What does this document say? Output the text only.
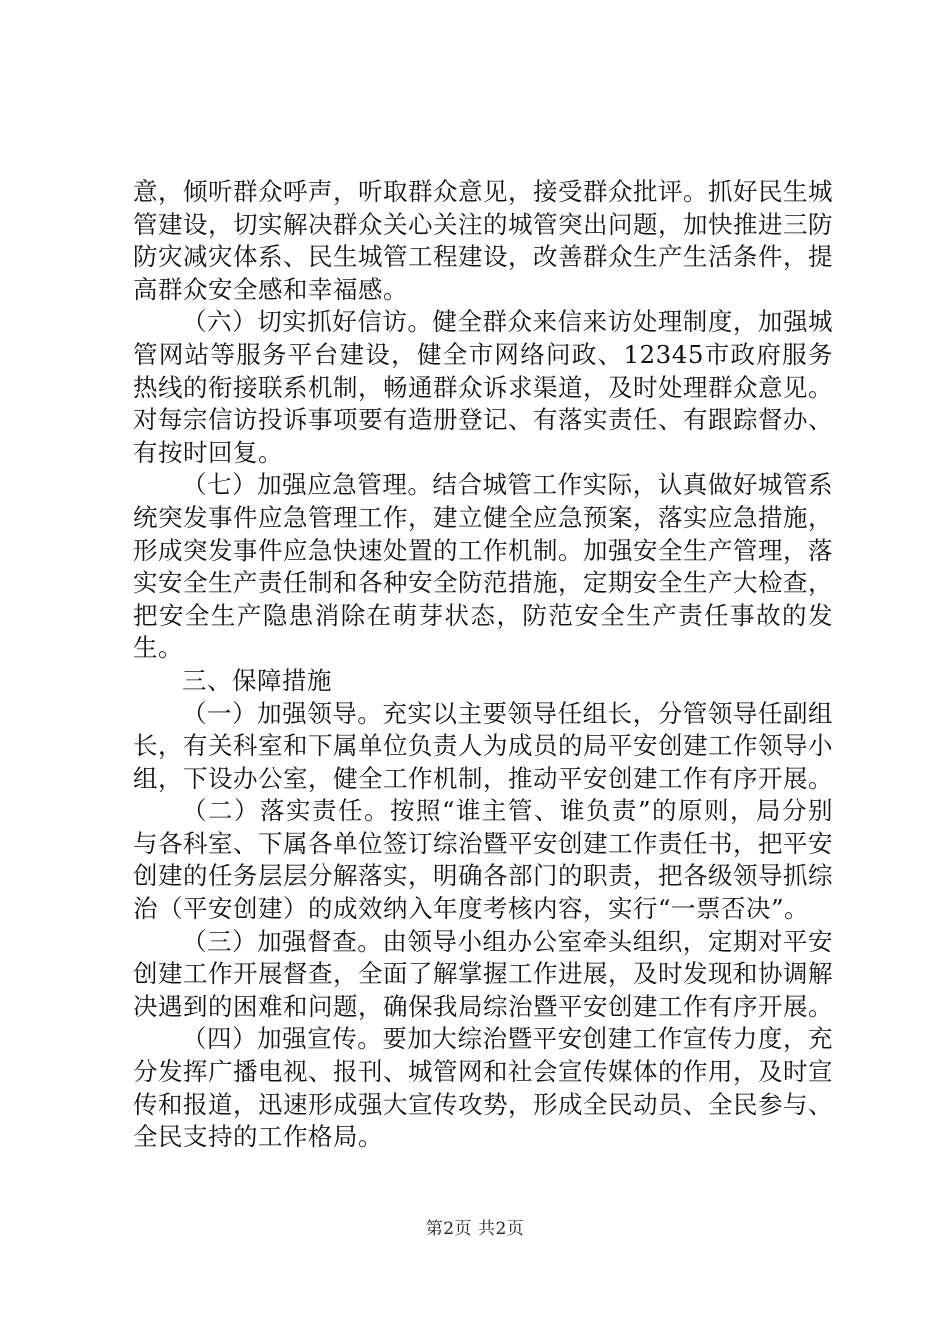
意，倾听群众呼声，听取群众意见，接受群众批评。抓好民生城管建设，切实解决群众关心关注的城管突出问题，加快推进三防防灾减灾体系、民生城管工程建设，改善群众生产生活条件，提高群众安全感和幸福感。

（六）切实抓好信访。健全群众来信来访处理制度，加强城管网站等服务平台建设，健全市网络问政、12345市政府服务热线的衔接联系机制，畅通群众诉求渠道，及时处理群众意见。对每宗信访投诉事项要有造册登记、有落实责任、有跟踪督办、有按时回复。

（七）加强应急管理。结合城管工作实际，认真做好城管系统突发事件应急管理工作，建立健全应急预案，落实应急措施，形成突发事件应急快速处置的工作机制。加强安全生产管理，落实安全生产责任制和各种安全防范措施，定期安全生产大检查，把安全生产隐患消除在萌芽状态，防范安全生产责任事故的发生。

三、保障措施

（一）加强领导。充实以主要领导任组长，分管领导任副组长，有关科室和下属单位负责人为成员的局平安创建工作领导小组，下设办公室，健全工作机制，推动平安创建工作有序开展。

（二）落实责任。按照“谁主管、谁负责”的原则，局分别与各科室、下属各单位签订综治暨平安创建工作责任书，把平安创建的任务层层分解落实，明确各部门的职责，把各级领导抓综治（平安创建）的成效纳入年度考核内容，实行“一票否决”。

（三）加强督查。由领导小组办公室牵头组织，定期对平安创建工作开展督查，全面了解掌握工作进展，及时发现和协调解决遇到的困难和问题，确保我局综治暨平安创建工作有序开展。

（四）加强宣传。要加大综治暨平安创建工作宣传力度，充分发挥广播电视、报刊、城管网和社会宣传媒体的作用，及时宣传和报道，迅速形成强大宣传攻势，形成全民动员、全民参与、全民支持的工作格局。

第2页 共2页
